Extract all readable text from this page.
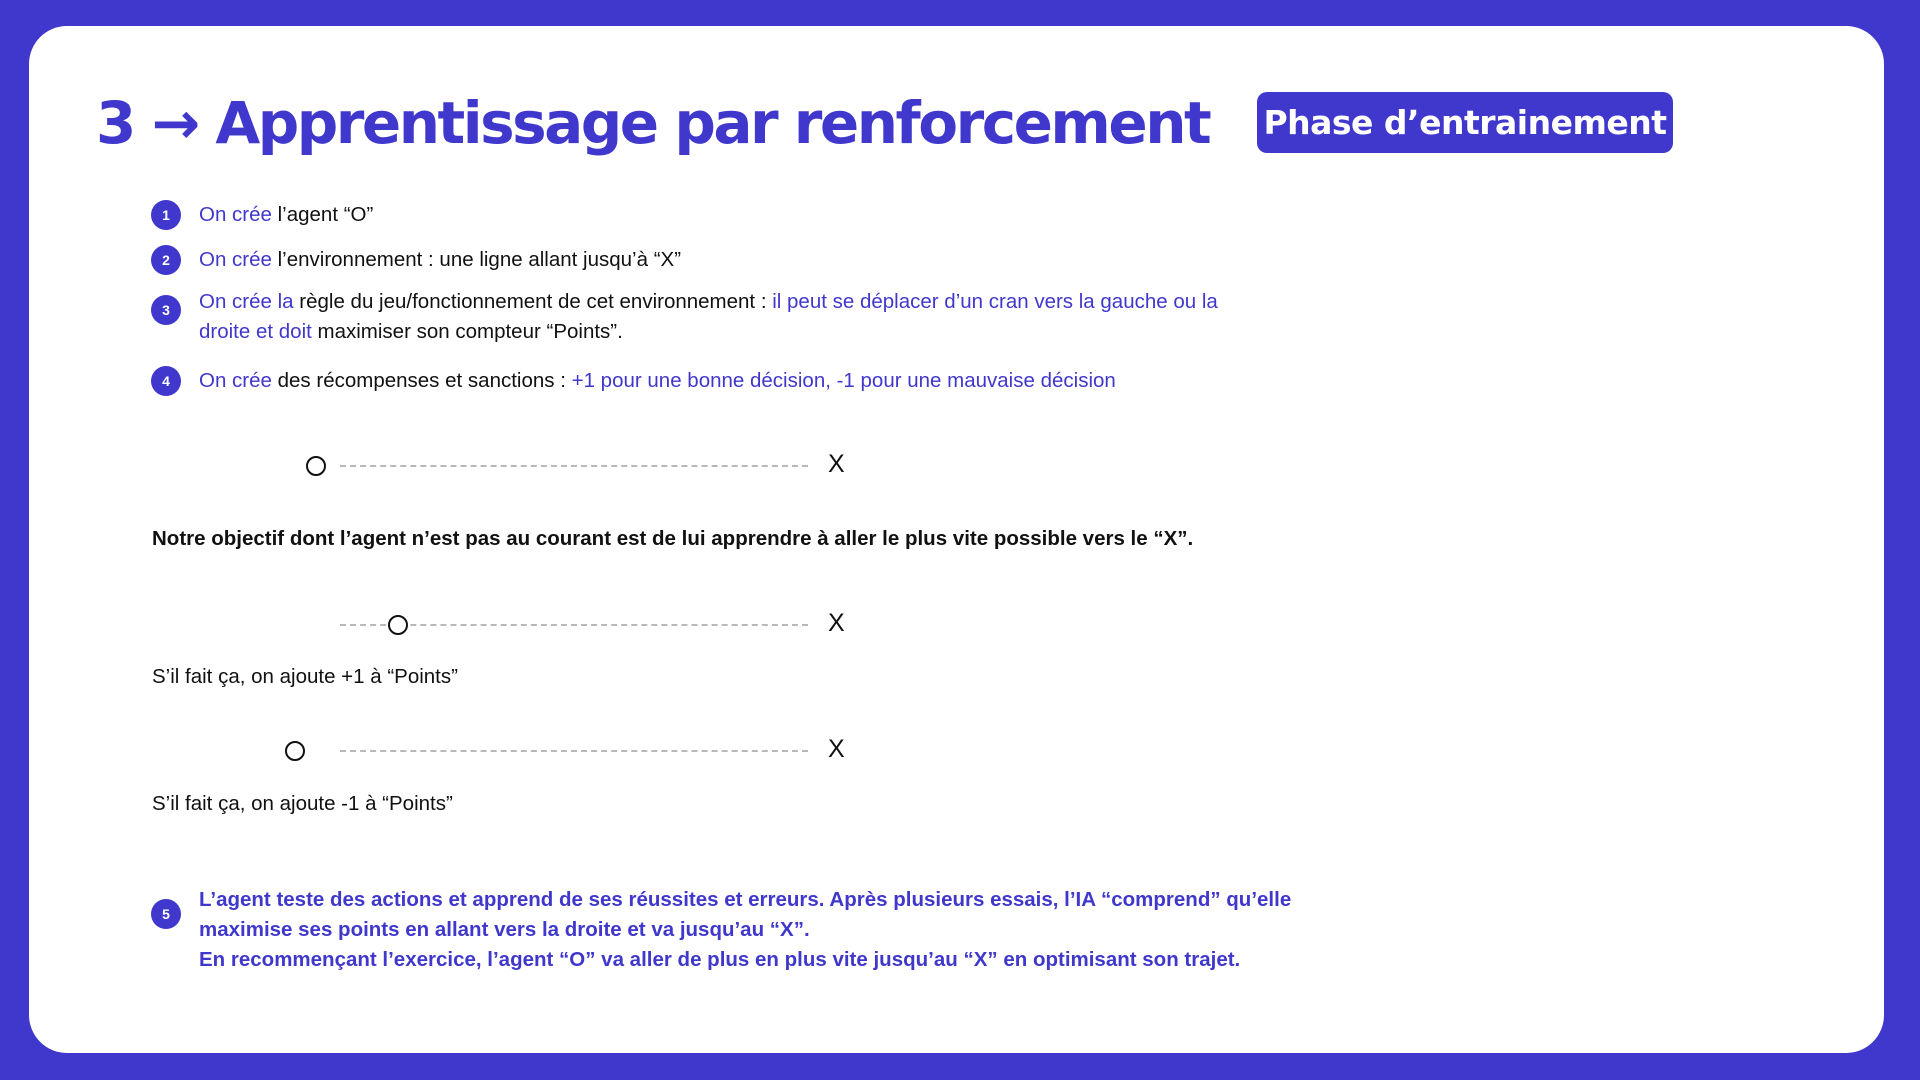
3 → Apprentissage par renforcement Phase d’entrainement
1	On crée l’agent “O”
2	On crée l’environnement : une ligne allant jusqu’à “X”
3	On crée la règle du jeu/fonctionnement de cet environnement : il peut se déplacer d’un cran vers la gauche ou la
droite et doit maximiser son compteur “Points”.
4	On crée des récompenses et sanctions : +1 pour une bonne décision, -1 pour une mauvaise décision
X
Notre objectif dont l’agent n’est pas au courant est de lui apprendre à aller le plus vite possible vers le “X”.
X
S’il fait ça, on ajoute +1 à “Points”
X
S’il fait ça, on ajoute -1 à “Points”
5
L’agent teste des actions et apprend de ses réussites et erreurs. Après plusieurs essais, l’IA “comprend” qu’elle
maximise ses points en allant vers la droite et va jusqu’au “X”.
En recommençant l’exercice, l’agent “O” va aller de plus en plus vite jusqu’au “X” en optimisant son trajet.
